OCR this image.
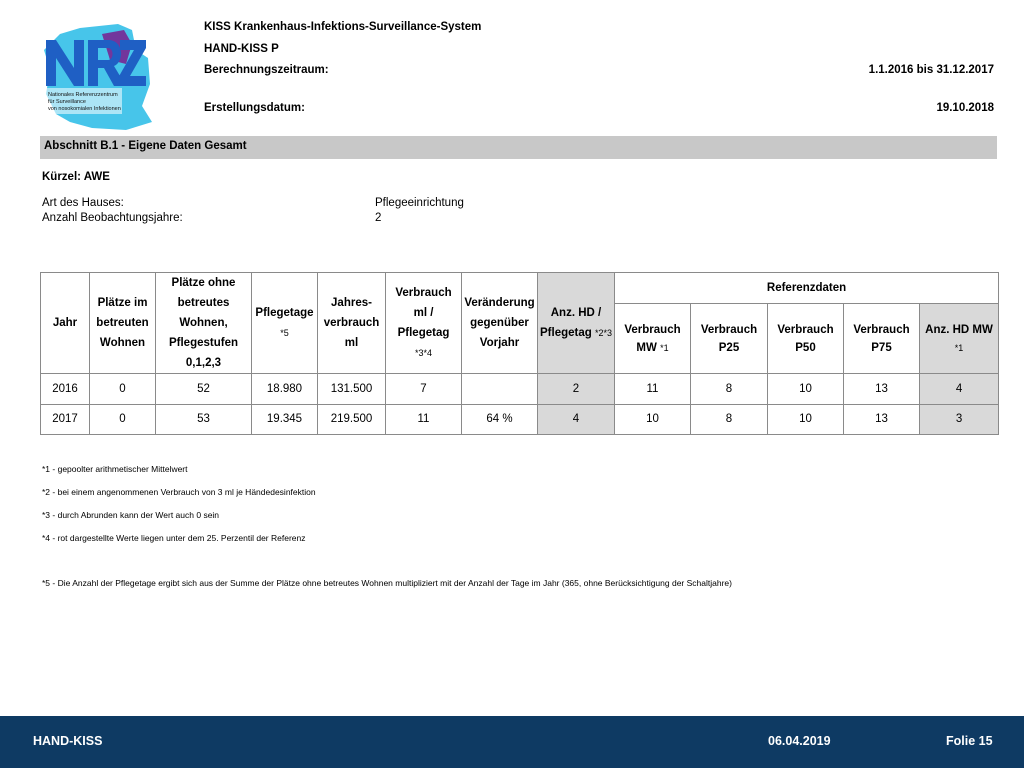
Nationales Referenzzentrum
für Surveillance
von nosokomialen Infektionen
KISS Krankenhaus-Infektions-Surveillance-System
HAND-KISS P
Berechnungszeitraum:	1.1.2016 bis 31.12.2017
Erstellungsdatum:	19.10.2018
Abschnitt B.1 - Eigene Daten Gesamt
Kürzel: AWE
Art des Hauses:	Pflegeeinrichtung
Anzahl Beobachtungsjahre:	2
Jahr	Plätze im betreuten Wohnen	Plätze ohne betreutes Wohnen, Pflegestufen 0,1,2,3	Pflegetage *5	Jahres-verbrauch ml	Verbrauch ml / Pflegetag *3*4	Veränderung gegenüber Vorjahr	Anz. HD / Pflegetag *2*3	Referenzdaten				
								Verbrauch MW *1	Verbrauch P25	Verbrauch P50	Verbrauch P75	Anz. HD MW *1
2016	0	52	18.980	131.500	7		2	11	8	10	13	4
2017	0	53	19.345	219.500	11	64 %	4	10	8	10	13	3
*1 - gepoolter arithmetischer Mittelwert
*2 - bei einem angenommenen Verbrauch von 3 ml je Händedesinfektion
*3 - durch Abrunden kann der Wert auch 0 sein
*4 - rot dargestellte Werte liegen unter dem 25. Perzentil der Referenz
*5 - Die Anzahl der Pflegetage ergibt sich aus der Summe der Plätze ohne betreutes Wohnen multipliziert mit der Anzahl der Tage im Jahr (365, ohne Berücksichtigung der Schaltjahre)
HAND-KISS	06.04.2019	Folie 15
